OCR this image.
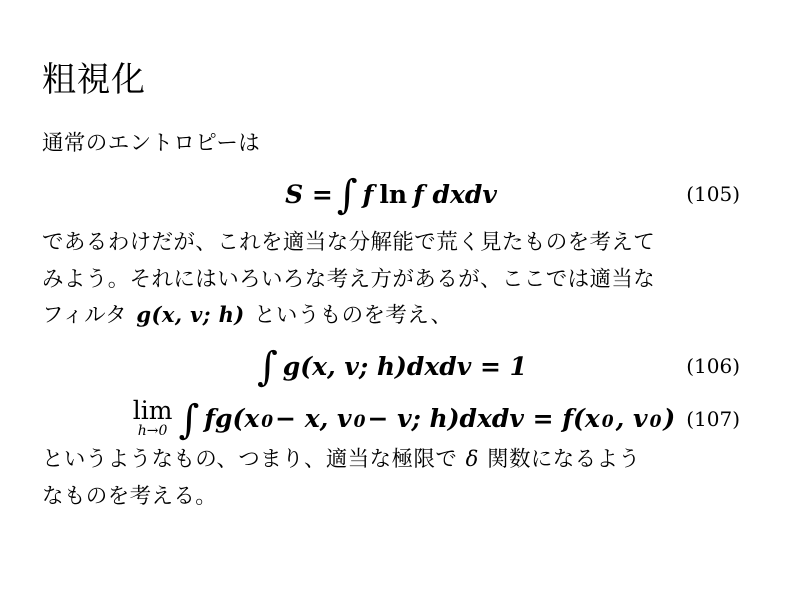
粗視化

通常のエントロピーは

S = ∫ f ln f dxdv	(105)

であるわけだが、これを適当な分解能で荒く見たものを考えて

みよう。それにはいろいろな考え方があるが、ここでは適当な

フィルタ g(x, v; h) というものを考え、

∫ g(x, v; h)dxdv = 1	(106)
lim
h→0 ∫ fg(x 0 − x, v 0 − v; h)dxdv = f(x 0 , v 0 ) (107)

というようなもの、つまり、適当な極限で δ 関数になるよう

なものを考える。
